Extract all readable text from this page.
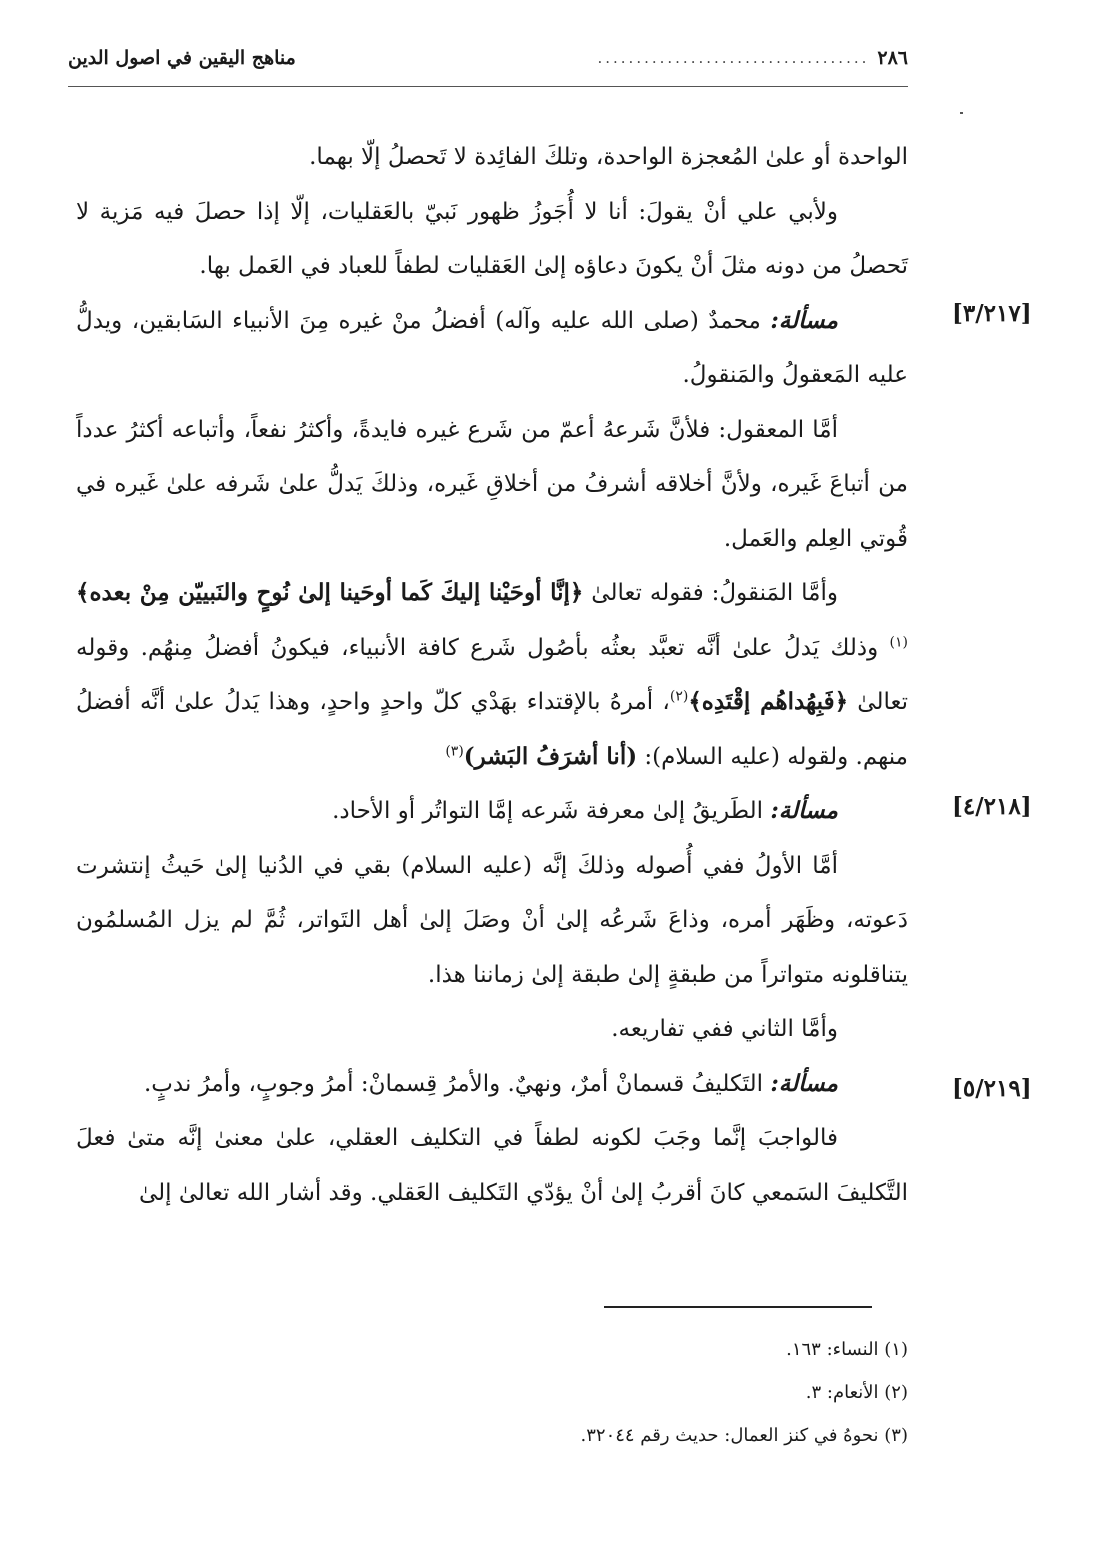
٢٨٦
...................................
مناهج اليقين في اصول الدين
[٣/٢١٧]
[٤/٢١٨]
[٥/٢١٩]

الواحدة أو علىٰ المُعجزة الواحدة، وتلكَ الفائِدة لا تَحصلُ إلّا بهما.

ولأبي علي أنْ يقولَ: أنا لا أُجَوزُ ظهور نَبيّ بالعَقليات، إلّا إذا حصلَ فيه مَزية لا تَحصلُ من دونه مثلَ أنْ يكونَ دعاؤه إلىٰ العَقليات لطفاً للعباد في العَمل بها.

مسألة: محمدٌ (صلى الله عليه وآله) أفضلُ منْ غيره مِنَ الأنبياء السَابقين، ويدلُّ عليه المَعقولُ والمَنقولُ.

أمَّا المعقول: فلأنَّ شَرعهُ أعمّ من شَرع غيره فايدةً، وأكثرُ نفعاً، وأتباعه أكثرُ عدداً من أتباعَ غَيره، ولأنَّ أخلاقه أشرفُ من أخلاقِ غَيره، وذلكَ يَدلُّ علىٰ شَرفه علىٰ غَيره في قُوتي العِلم والعَمل.

وأمَّا المَنقولُ: فقوله تعالىٰ ﴿إنَّا أوحَيْنا إليكَ كَما أوحَينا إلىٰ نُوحٍ والنَبييّن مِنْ بعده﴾$^{(١)}$ وذلك يَدلُ علىٰ أنَّه تعبَّد بعثُه بأصُول شَرع كافة الأنبياء، فيكونُ أفضلُ مِنهُم. وقوله تعالىٰ ﴿فَبِهُداهُم إقْتَدِه﴾$^{(٢)}$، أمرهُ بالإقتداء بهَدْي كلّ واحدٍ واحدٍ، وهذا يَدلُ علىٰ أنَّه أفضلُ منهم. ولقوله (عليه السلام): (أنا أشرَفُ البَشر)$^{(٣)}$

مسألة: الطَريقُ إلىٰ معرفة شَرعه إمَّا التواتُر أو الأحاد.

أمَّا الأولُ ففي أُصوله وذلكَ إنَّه (عليه السلام) بقي في الدُنيا إلىٰ حَيثُ إنتشرت دَعوته، وظَهَر أمره، وذاعَ شَرعُه إلىٰ أنْ وصَلَ إلىٰ أهل التَواتر، ثُمَّ لم يزل المُسلمُون يتناقلونه متواتراً من طبقةٍ إلىٰ طبقة إلىٰ زماننا هذا.

وأمَّا الثاني ففي تفاريعه.

مسألة: التَكليفُ قسمانْ أمرٌ، ونهيٌ. والأمرُ قِسمانْ: أمرُ وجوبٍ، وأمرُ ندبٍ.

فالواجبَ إنَّما وجَبَ لكونه لطفاً في التكليف العقلي، علىٰ معنىٰ إنَّه متىٰ فعلَ التَّكليفَ السَمعي كانَ أقربُ إلىٰ أنْ يؤدّي التَكليف العَقلي. وقد أشار الله تعالىٰ إلىٰ

(١) النساء: ١٦٣.
(٢) الأنعام: ٣.
(٣) نحوهُ في كنز العمال: حديث رقم ٣٢٠٤٤.
